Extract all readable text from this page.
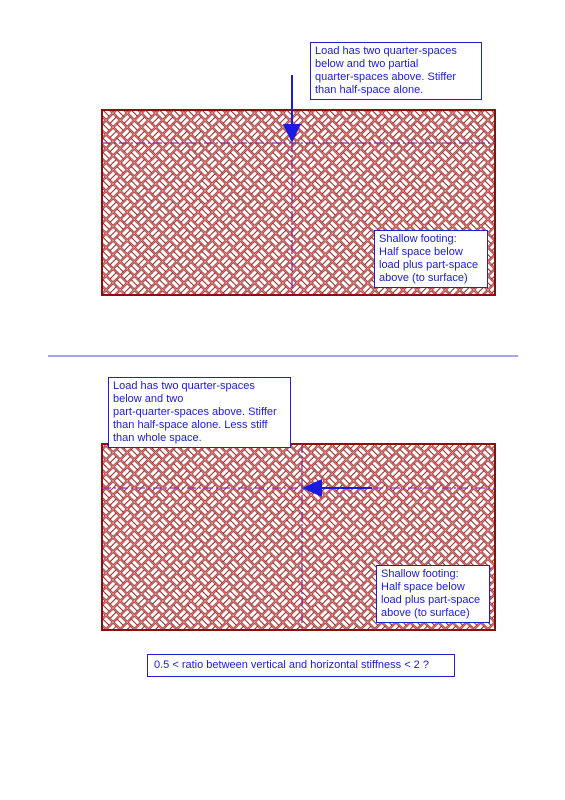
Load has two quarter-spaces
below and two partial
quarter-spaces above. Stiffer
than half-space alone.
Shallow footing:
Half space below
load plus part-space
above (to surface)
Load has two quarter-spaces
below and two
part-quarter-spaces above. Stiffer
than half-space alone. Less stiff
than whole space.
Shallow footing:
Half space below
load plus part-space
above (to surface)
0.5 < ratio between vertical and horizontal stiffness < 2 ?
